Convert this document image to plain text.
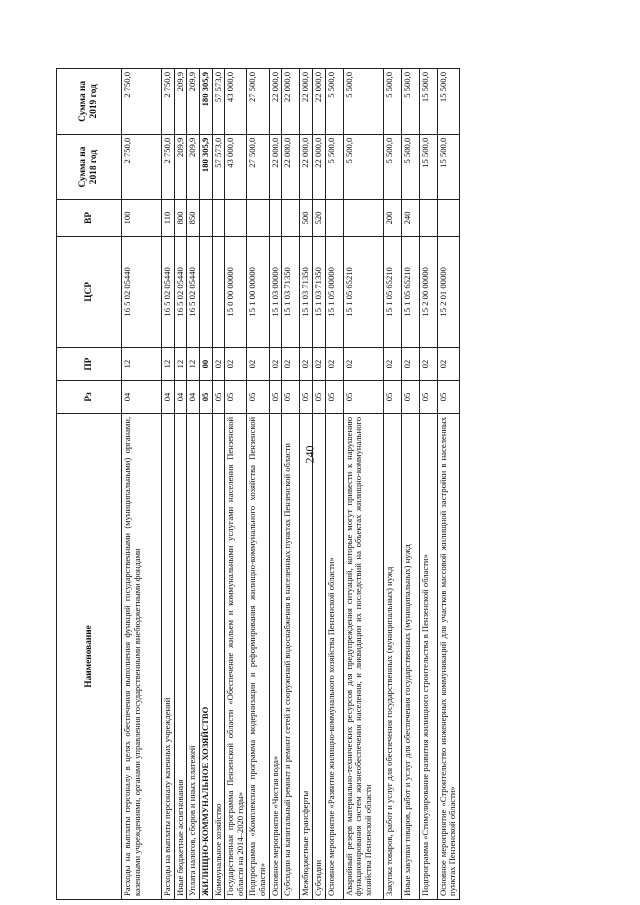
240
Наименование	Рз	ПР	ЦСР	ВР	Сумма на 2018 год	Сумма на 2019 год
Расходы на выплаты персоналу в целях обеспечения выполнения функций государственными (муниципальными) органами, казенными учреждениями, органами управления государственными внебюджетными фондами	04	12	16 5 02 05440	100	2 750,0	2 750,0
Расходы на выплаты персоналу казенных учреждений	04	12	16 5 02 05440	110	2 750,0	2 750,0
Иные бюджетные ассигнования	04	12	16 5 02 05440	800	209,9	209,9
Уплата налогов, сборов и иных платежей	04	12	16 5 02 05440	850	209,9	209,9
ЖИЛИЩНО-КОММУНАЛЬНОЕ ХОЗЯЙСТВО	05	00			180 305,9	180 305,9
Коммунальное хозяйство	05	02			57 573,0	57 573,0
Государственная программа Пензенской области «Обеспечение жильем и коммунальными услугами населения Пензенской области на 2014–2020 годы»	05	02	15 0 00 00000		43 000,0	43 000,0
Подпрограмма «Комплексная программа модернизации и реформирования жилищно-коммунального хозяйства Пензенской области»	05	02	15 1 00 00000		27 500,0	27 500,0
Основное мероприятие «Чистая вода»	05	02	15 1 03 00000		22 000,0	22 000,0
Субсидии на капитальный ремонт и ремонт сетей и сооружений водоснабжения в населенных пунктах Пензенской области	05	02	15 1 03 71350		22 000,0	22 000,0
Межбюджетные трансферты	05	02	15 1 03 71350	500	22 000,0	22 000,0
Субсидии	05	02	15 1 03 71350	520	22 000,0	22 000,0
Основное мероприятие «Развитие жилищно-коммунального хозяйства Пензенской области»	05	02	15 1 05 00000		5 500,0	5 500,0
Аварийный резерв материально-технических ресурсов для предупреждения ситуаций, которые могут привести к нарушению функционирования систем жизнеобеспечения населения, и ликвидации их последствий на объектах жилищно-коммунального хозяйства Пензенской области	05	02	15 1 05 65210		5 500,0	5 500,0
Закупка товаров, работ и услуг для обеспечения государственных (муниципальных) нужд	05	02	15 1 05 65210	200	5 500,0	5 500,0
Иные закупки товаров, работ и услуг для обеспечения государственных (муниципальных) нужд	05	02	15 1 05 65210	240	5 500,0	5 500,0
Подпрограмма «Стимулирование развития жилищного строительства в Пензенской области»	05	02	15 2 00 00000		15 500,0	15 500,0
Основное мероприятие «Строительство инженерных коммуникаций для участков массовой жилищной застройки в населенных пунктах Пензенской области»	05	02	15 2 01 00000		15 500,0	15 500,0
